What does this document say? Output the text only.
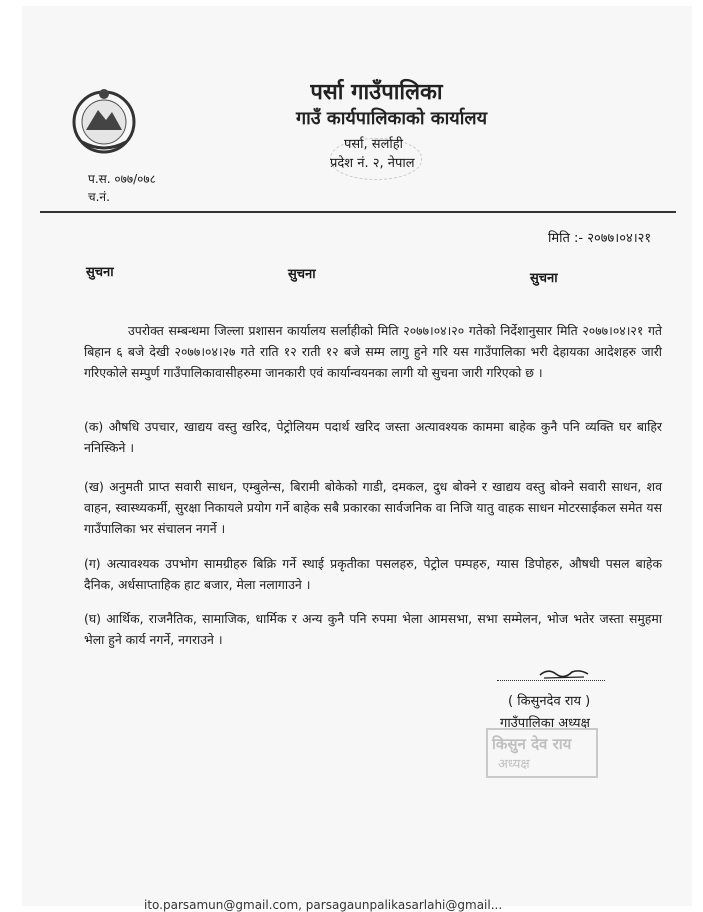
पर्सा गाउँपालिका
गाउँ कार्यपालिकाको कार्यालय
पर्सा, सर्लाही
प्रदेश नं. २, नेपाल
प.स. ०७७/०७८
च.नं.
मिति :- २०७७।०४।२१
सुचना	सुचना	सुचना
उपरोक्त सम्बन्धमा जिल्ला प्रशासन कार्यालय सर्लाहीको मिति २०७७।०४।२० गतेको निर्देशानुसार मिति २०७७।०४।२१ गते बिहान ६ बजे देखी २०७७।०४।२७ गते राति १२ राती १२ बजे सम्म लागु हुने गरि यस गाउँपालिका भरी देहायका आदेशहरु जारी गरिएकोले सम्पुर्ण गाउँपालिकावासीहरुमा जानकारी एवं कार्यान्वयनका लागी यो सुचना जारी गरिएको छ ।
(क) औषधि उपचार, खाद्यय वस्तु खरिद, पेट्रोलियम पदार्थ खरिद जस्ता अत्यावश्यक काममा बाहेक कुनै पनि व्यक्ति घर बाहिर ननिस्किने ।
(ख) अनुमती प्राप्त सवारी साधन, एम्बुलेन्स, बिरामी बोकेको गाडी, दमकल, दुध बोक्ने र खाद्यय वस्तु बोक्ने सवारी साधन, शव वाहन, स्वास्थ्यकर्मी, सुरक्षा निकायले प्रयोग गर्ने बाहेक सबै प्रकारका सार्वजनिक वा निजि यातु वाहक साधन मोटरसाईकल समेत यस गाउँपालिका भर संचालन नगर्ने ।
(ग) अत्यावश्यक उपभोग सामग्रीहरु बिक्रि गर्ने स्थाई प्रकृतीका पसलहरु, पेट्रोल पम्पहरु, ग्यास डिपोहरु, औषधी पसल बाहेक दैनिक, अर्धसाप्ताहिक हाट बजार, मेला नलागाउने ।
(घ) आर्थिक, राजनैतिक, सामाजिक, धार्मिक र अन्य कुनै पनि रुपमा भेला आमसभा, सभा सम्मेलन, भोज भतेर जस्ता समुहमा भेला हुने कार्य नगर्ने, नगराउने ।
( किसुनदेव राय )
गाउँपालिका अध्यक्ष
किसुन देव राय
अध्यक्ष
ito.parsamun@gmail.com, parsagaunpalikasarlahi@gmail...
